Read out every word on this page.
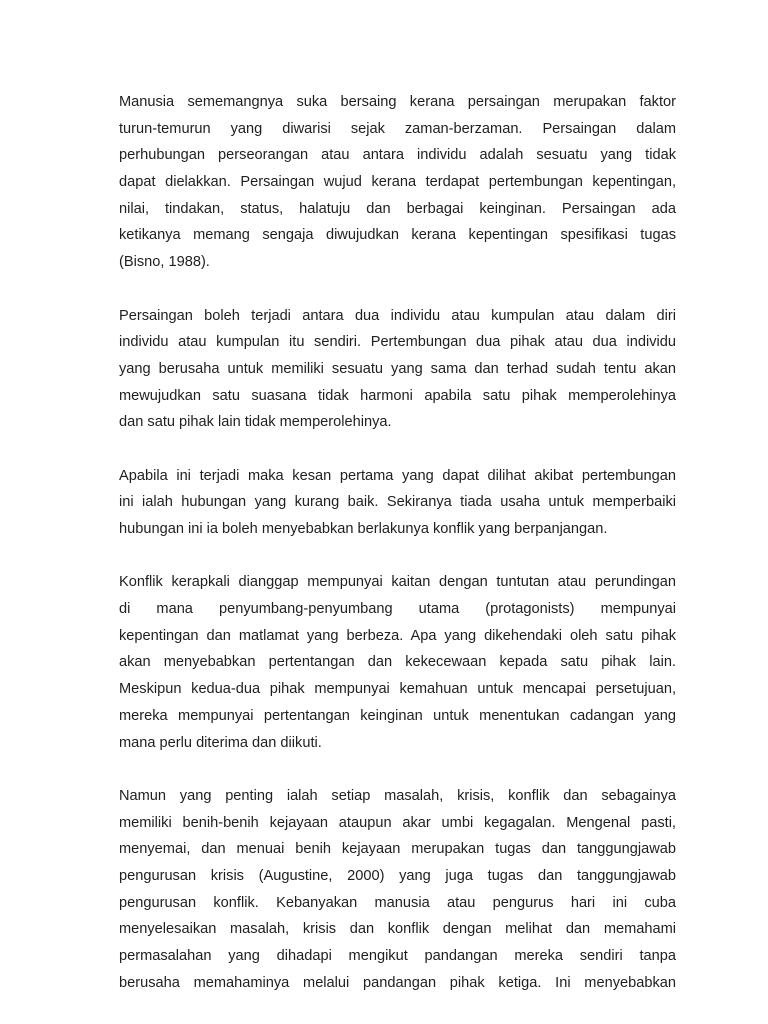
Manusia sememangnya suka bersaing kerana persaingan merupakan faktor
turun-temurun yang diwarisi sejak zaman-berzaman. Persaingan dalam
perhubungan perseorangan atau antara individu adalah sesuatu yang tidak
dapat dielakkan. Persaingan wujud kerana terdapat pertembungan kepentingan,
nilai, tindakan, status, halatuju dan berbagai keinginan. Persaingan ada
ketikanya memang sengaja diwujudkan kerana kepentingan spesifikasi tugas
(Bisno, 1988).
Persaingan boleh terjadi antara dua individu atau kumpulan atau dalam diri
individu atau kumpulan itu sendiri. Pertembungan dua pihak atau dua individu
yang berusaha untuk memiliki sesuatu yang sama dan terhad sudah tentu akan
mewujudkan satu suasana tidak harmoni apabila satu pihak memperolehinya
dan satu pihak lain tidak memperolehinya.
Apabila ini terjadi maka kesan pertama yang dapat dilihat akibat pertembungan
ini ialah hubungan yang kurang baik. Sekiranya tiada usaha untuk memperbaiki
hubungan ini ia boleh menyebabkan berlakunya konflik yang berpanjangan.
Konflik kerapkali dianggap mempunyai kaitan dengan tuntutan atau perundingan
di mana penyumbang-penyumbang utama (protagonists) mempunyai
kepentingan dan matlamat yang berbeza. Apa yang dikehendaki oleh satu pihak
akan menyebabkan pertentangan dan kekecewaan kepada satu pihak lain.
Meskipun kedua-dua pihak mempunyai kemahuan untuk mencapai persetujuan,
mereka mempunyai pertentangan keinginan untuk menentukan cadangan yang
mana perlu diterima dan diikuti.
Namun yang penting ialah setiap masalah, krisis, konflik dan sebagainya
memiliki benih-benih kejayaan ataupun akar umbi kegagalan. Mengenal pasti,
menyemai, dan menuai benih kejayaan merupakan tugas dan tanggungjawab
pengurusan krisis (Augustine, 2000) yang juga tugas dan tanggungjawab
pengurusan konflik. Kebanyakan manusia atau pengurus hari ini cuba
menyelesaikan masalah, krisis dan konflik dengan melihat dan memahami
permasalahan yang dihadapi mengikut pandangan mereka sendiri tanpa
berusaha memahaminya melalui pandangan pihak ketiga. Ini menyebabkan
